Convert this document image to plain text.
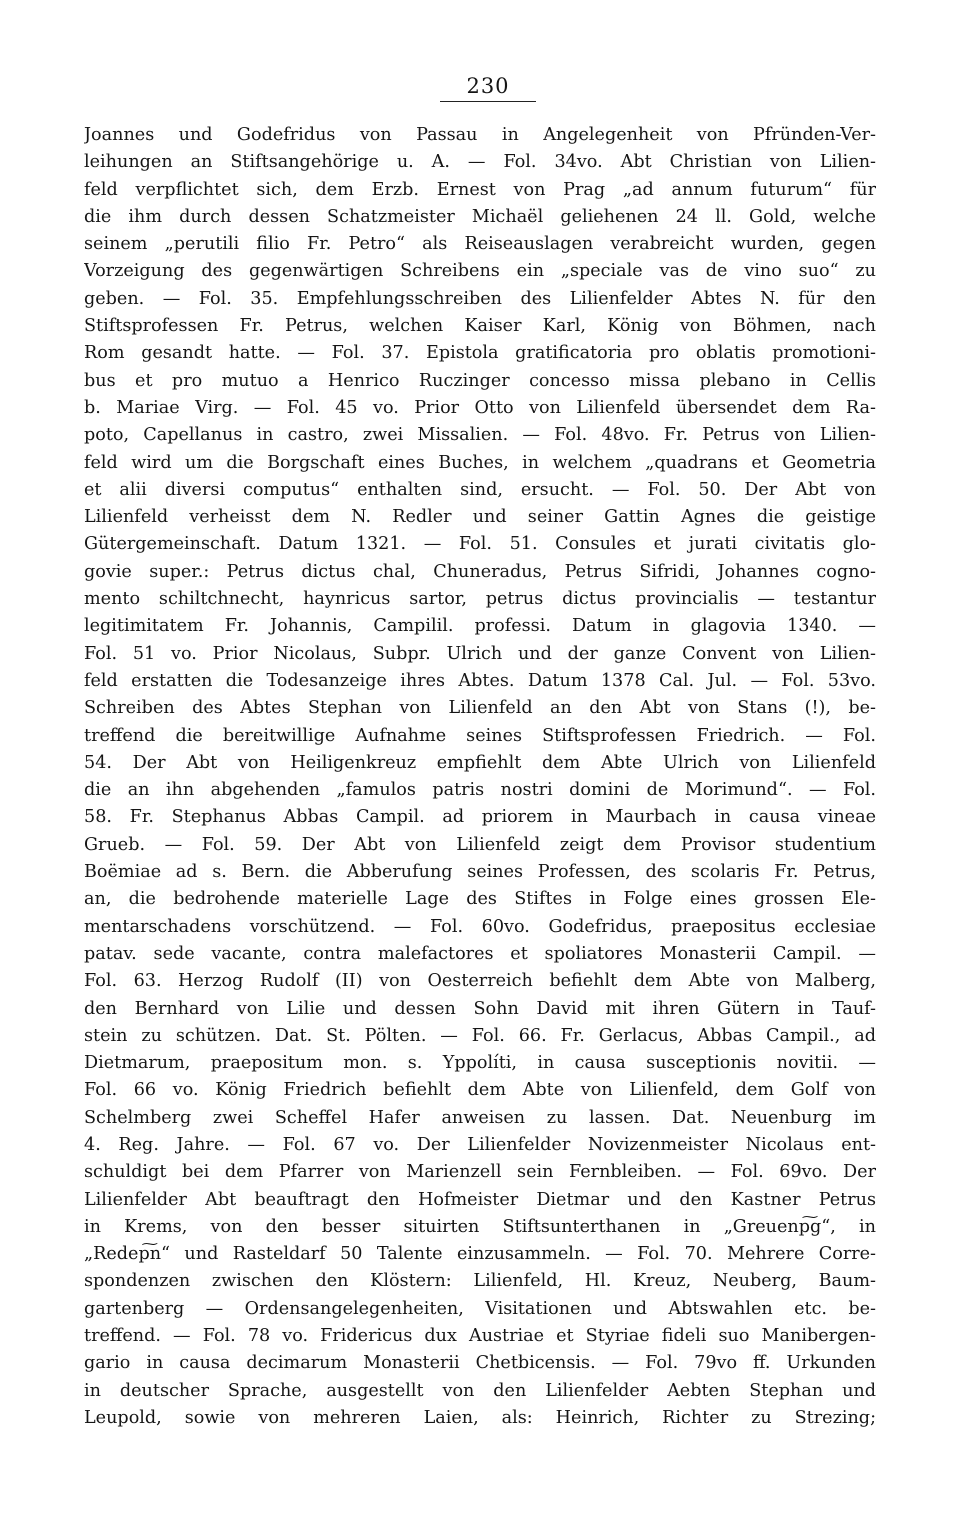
230
Joannes und Godefridus von Passau in Angelegenheit von Pfründen-Ver-
leihungen an Stiftsangehörige u. A. — Fol. 34vo. Abt Christian von Lilien-
feld verpflichtet sich, dem Erzb. Ernest von Prag „ad annum futurum“ für
die ihm durch dessen Schatzmeister Michaël geliehenen 24 ll. Gold, welche
seinem „perutili filio Fr. Petro“ als Reiseauslagen verabreicht wurden, gegen
Vorzeigung des gegenwärtigen Schreibens ein „speciale vas de vino suo“ zu
geben. — Fol. 35. Empfehlungsschreiben des Lilienfelder Abtes N. für den
Stiftsprofessen Fr. Petrus, welchen Kaiser Karl, König von Böhmen, nach
Rom gesandt hatte. — Fol. 37. Epistola gratificatoria pro oblatis promotioni-
bus et pro mutuo a Henrico Ruczinger concesso missa plebano in Cellis
b. Mariae Virg. — Fol. 45 vo. Prior Otto von Lilienfeld übersendet dem Ra-
poto, Capellanus in castro, zwei Missalien. — Fol. 48vo. Fr. Petrus von Lilien-
feld wird um die Borgschaft eines Buches, in welchem „quadrans et Geometria
et alii diversi computus“ enthalten sind, ersucht. — Fol. 50. Der Abt von
Lilienfeld verheisst dem N. Redler und seiner Gattin Agnes die geistige
Gütergemeinschaft. Datum 1321. — Fol. 51. Consules et jurati civitatis glo-
govie super.: Petrus dictus chal, Chuneradus, Petrus Sifridi, Johannes cogno-
mento schiltchnecht, haynricus sartor, petrus dictus provincialis — testantur
legitimitatem Fr. Johannis, Campilil. professi. Datum in glagovia 1340. —
Fol. 51 vo. Prior Nicolaus, Subpr. Ulrich und der ganze Convent von Lilien-
feld erstatten die Todesanzeige ihres Abtes. Datum 1378 Cal. Jul. — Fol. 53vo.
Schreiben des Abtes Stephan von Lilienfeld an den Abt von Stans (!), be-
treffend die bereitwillige Aufnahme seines Stiftsprofessen Friedrich. — Fol.
54. Der Abt von Heiligenkreuz empfiehlt dem Abte Ulrich von Lilienfeld
die an ihn abgehenden „famulos patris nostri domini de Morimund“. — Fol.
58. Fr. Stephanus Abbas Campil. ad priorem in Maurbach in causa vineae
Grueb. — Fol. 59. Der Abt von Lilienfeld zeigt dem Provisor studentium
Boëmiae ad s. Bern. die Abberufung seines Professen, des scolaris Fr. Petrus,
an, die bedrohende materielle Lage des Stiftes in Folge eines grossen Ele-
mentarschadens vorschützend. — Fol. 60vo. Godefridus, praepositus ecclesiae
patav. sede vacante, contra malefactores et spoliatores Monasterii Campil. —
Fol. 63. Herzog Rudolf (II) von Oesterreich befiehlt dem Abte von Malberg,
den Bernhard von Lilie und dessen Sohn David mit ihren Gütern in Tauf-
stein zu schützen. Dat. St. Pölten. — Fol. 66. Fr. Gerlacus, Abbas Campil., ad
Dietmarum, praepositum mon. s. Yppolíti, in causa susceptionis novitii. —
Fol. 66 vo. König Friedrich befiehlt dem Abte von Lilienfeld, dem Golf von
Schelmberg zwei Scheffel Hafer anweisen zu lassen. Dat. Neuenburg im
4. Reg. Jahre. — Fol. 67 vo. Der Lilienfelder Novizenmeister Nicolaus ent-
schuldigt bei dem Pfarrer von Marienzell sein Fernbleiben. — Fol. 69vo. Der
Lilienfelder Abt beauftragt den Hofmeister Dietmar und den Kastner Petrus
in Krems, von den besser situirten Stiftsunterthanen in „Greuenp͠g“, in
„Redep͠n“ und Rasteldarf 50 Talente einzusammeln. — Fol. 70. Mehrere Corre-
spondenzen zwischen den Klöstern: Lilienfeld, Hl. Kreuz, Neuberg, Baum-
gartenberg — Ordensangelegenheiten, Visitationen und Abtswahlen etc. be-
treffend. — Fol. 78 vo. Fridericus dux Austriae et Styriae fideli suo Manibergen-
gario in causa decimarum Monasterii Chetbicensis. — Fol. 79vo ff. Urkunden
in deutscher Sprache, ausgestellt von den Lilienfelder Aebten Stephan und
Leupold, sowie von mehreren Laien, als: Heinrich, Richter zu Strezing;
